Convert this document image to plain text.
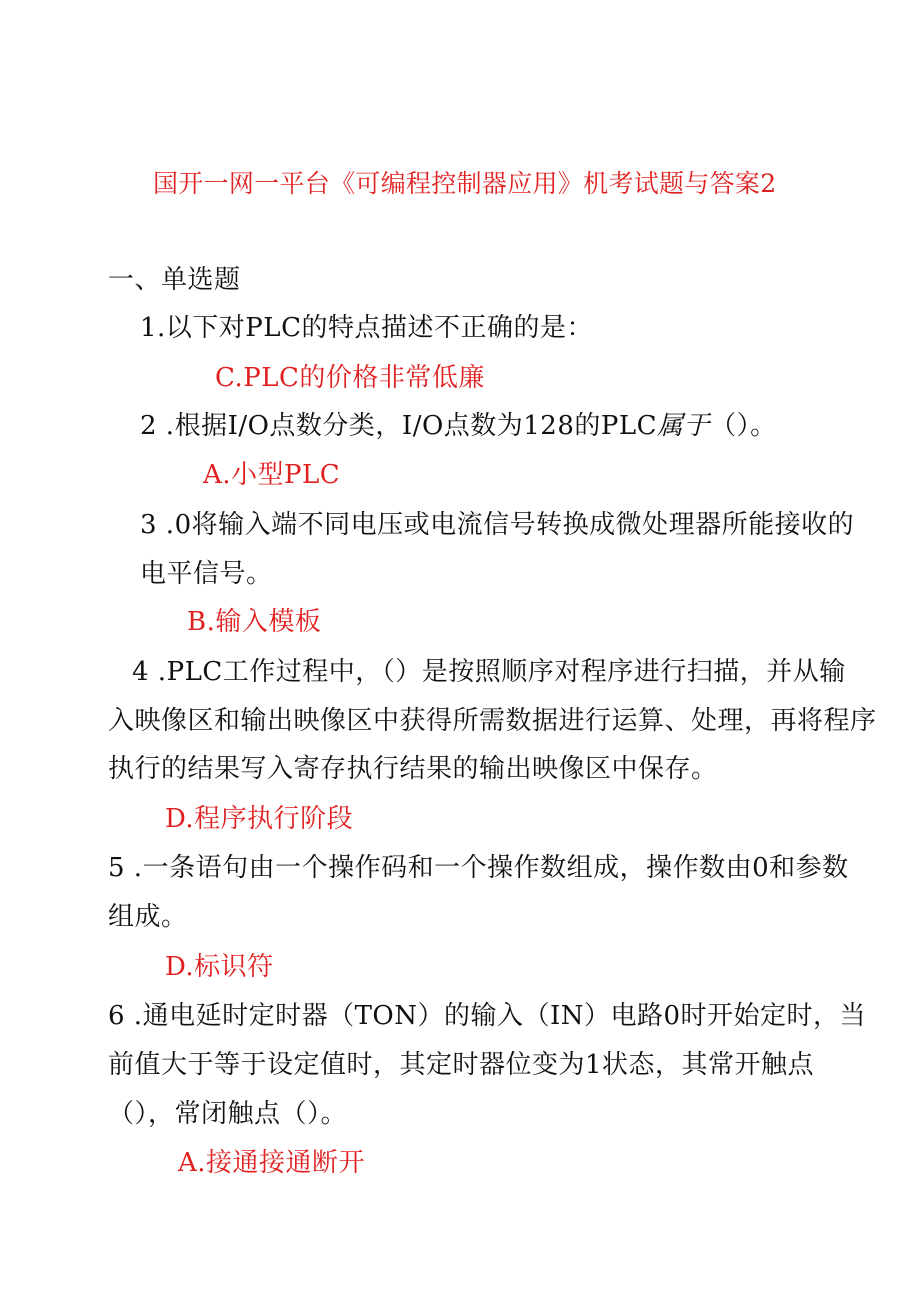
国开一网一平台《可编程控制器应用》机考试题与答案2
一、单选题
1.以下对PLC的特点描述不正确的是：
C.PLC的价格非常低廉
2 .根据I/O点数分类，I/O点数为128的PLC属于（）。
A.小型PLC
3 .0将输入端不同电压或电流信号转换成微处理器所能接收的
电平信号。
B.输入模板
4 .PLC工作过程中，（）是按照顺序对程序进行扫描，并从输
入映像区和输出映像区中获得所需数据进行运算、处理，再将程序
执行的结果写入寄存执行结果的输出映像区中保存。
D.程序执行阶段
5 .一条语句由一个操作码和一个操作数组成，操作数由0和参数
组成。
D.标识符
6 .通电延时定时器（TON）的输入（IN）电路0时开始定时，当
前值大于等于设定值时，其定时器位变为1状态，其常开触点
（），常闭触点（）。
A.接通接通断开
